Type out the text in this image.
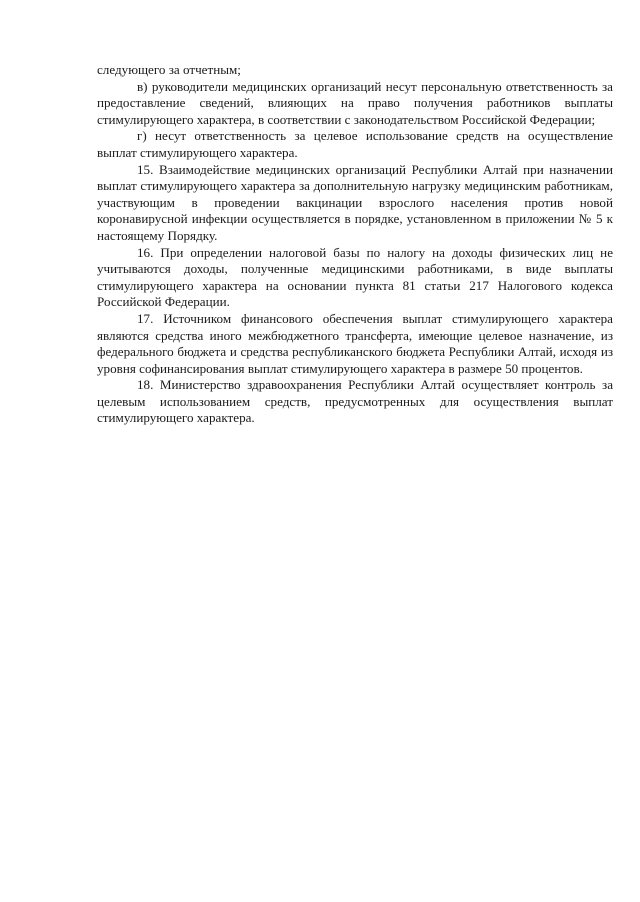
следующего за отчетным;

в) руководители медицинских организаций несут персональную ответственность за предоставление сведений, влияющих на право получения работников выплаты стимулирующего характера, в соответствии с законодательством Российской Федерации;

г) несут ответственность за целевое использование средств на осуществление выплат стимулирующего характера.

15. Взаимодействие медицинских организаций Республики Алтай при назначении выплат стимулирующего характера за дополнительную нагрузку медицинским работникам, участвующим в проведении вакцинации взрослого населения против новой коронавирусной инфекции осуществляется в порядке, установленном в приложении № 5 к настоящему Порядку.

16. При определении налоговой базы по налогу на доходы физических лиц не учитываются доходы, полученные медицинскими работниками, в виде выплаты стимулирующего характера на основании пункта 81 статьи 217 Налогового кодекса Российской Федерации.

17. Источником финансового обеспечения выплат стимулирующего характера являются средства иного межбюджетного трансферта, имеющие целевое назначение, из федерального бюджета и средства республиканского бюджета Республики Алтай, исходя из уровня софинансирования выплат стимулирующего характера в размере 50 процентов.

18. Министерство здравоохранения Республики Алтай осуществляет контроль за целевым использованием средств, предусмотренных для осуществления выплат стимулирующего характера.
